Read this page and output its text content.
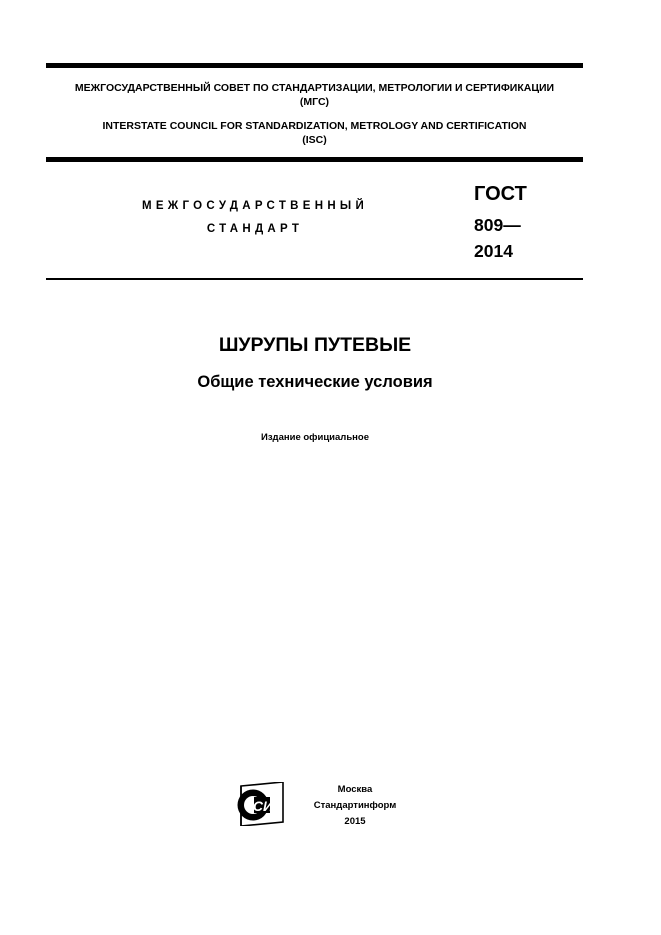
МЕЖГОСУДАРСТВЕННЫЙ СОВЕТ ПО СТАНДАРТИЗАЦИИ, МЕТРОЛОГИИ И СЕРТИФИКАЦИИ

(МГС)

INTERSTATE COUNCIL FOR STANDARDIZATION, METROLOGY AND CERTIFICATION

(ISC)

МЕЖГОСУДАРСТВЕННЫЙ

СТАНДАРТ

ГОСТ

809—

2014

ШУРУПЫ ПУТЕВЫЕ

Общие технические условия

Издание официальное

СИ

Москва

Стандартинформ

2015
